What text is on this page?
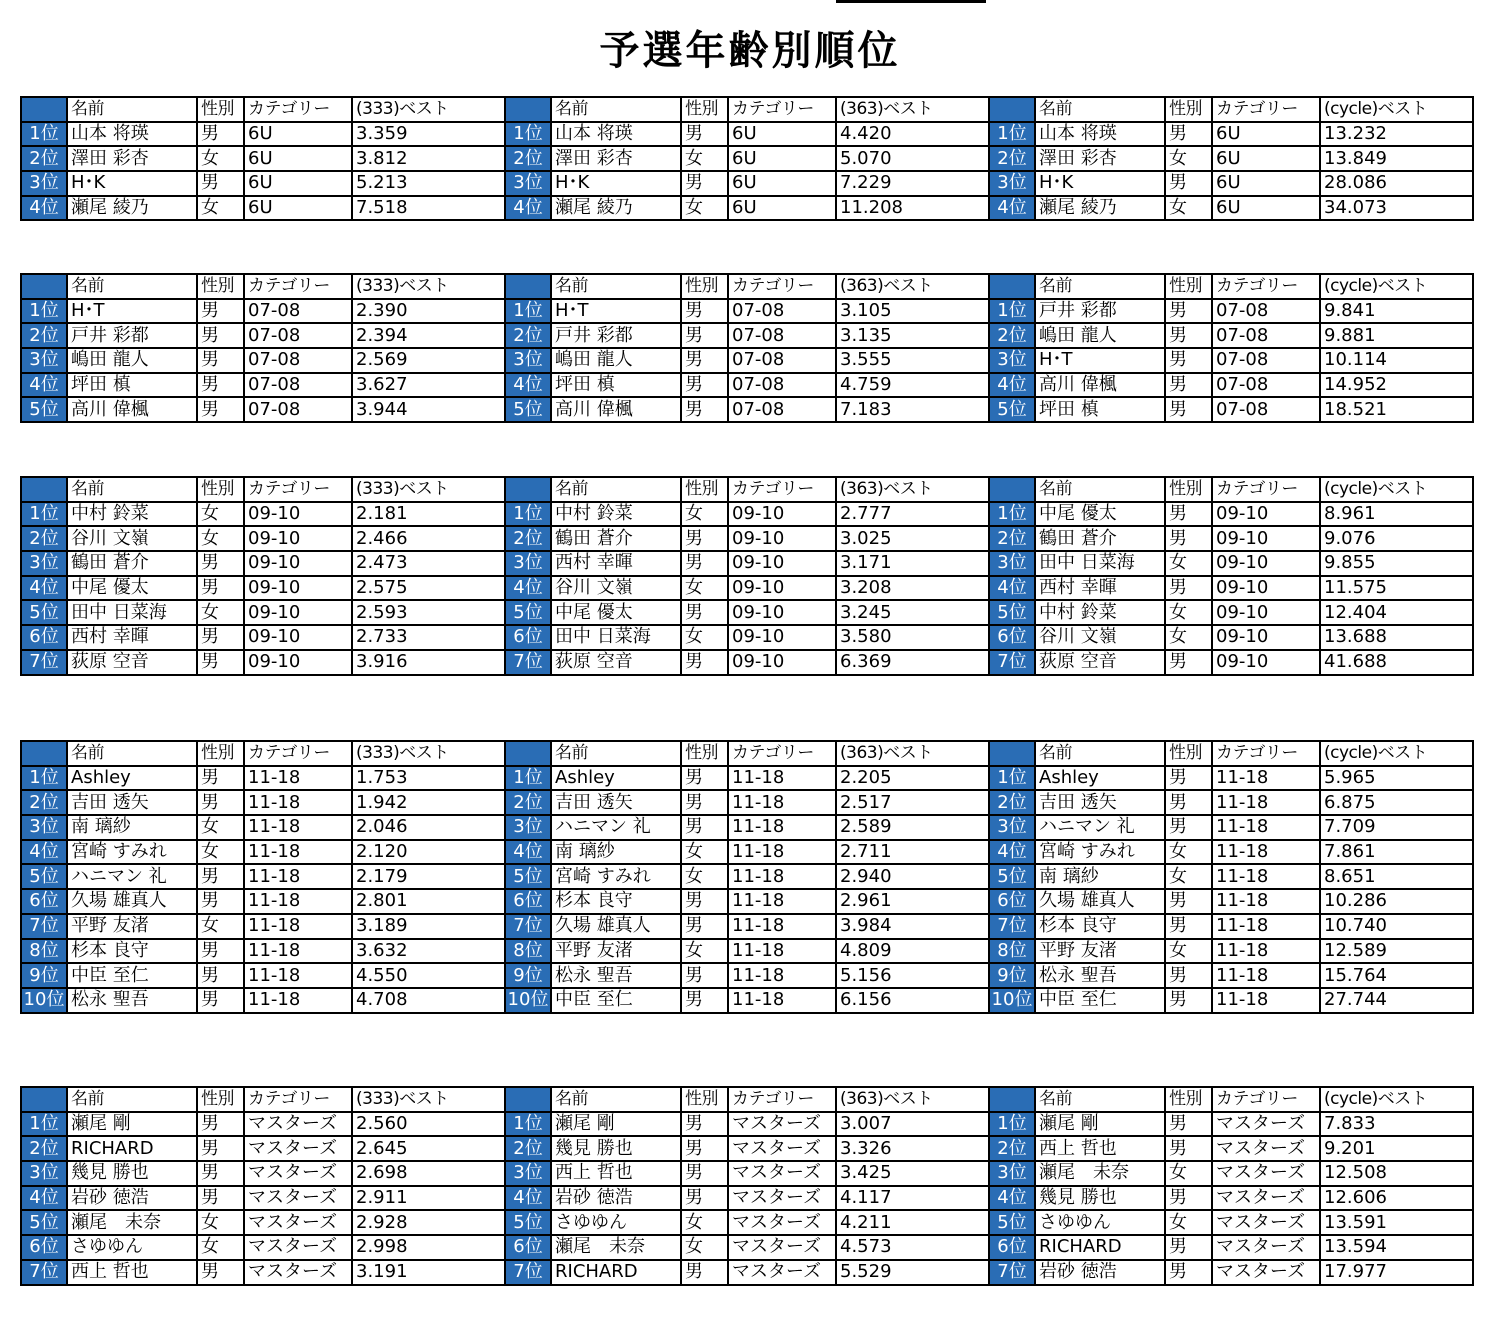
予選年齢別順位
	名前	性別	カテゴリー	(333)ベスト
1位	山本 将瑛	男	6U	3.359
2位	澤田 彩杏	女	6U	3.812
3位	H･K	男	6U	5.213
4位	瀬尾 綾乃	女	6U	7.518
	名前	性別	カテゴリー	(363)ベスト
1位	山本 将瑛	男	6U	4.420
2位	澤田 彩杏	女	6U	5.070
3位	H･K	男	6U	7.229
4位	瀬尾 綾乃	女	6U	11.208
	名前	性別	カテゴリー	(cycle)ベスト
1位	山本 将瑛	男	6U	13.232
2位	澤田 彩杏	女	6U	13.849
3位	H･K	男	6U	28.086
4位	瀬尾 綾乃	女	6U	34.073
	名前	性別	カテゴリー	(333)ベスト
1位	H･T	男	07-08	2.390
2位	戸井 彩都	男	07-08	2.394
3位	嶋田 龍人	男	07-08	2.569
4位	坪田 槙	男	07-08	3.627
5位	高川 偉楓	男	07-08	3.944
	名前	性別	カテゴリー	(363)ベスト
1位	H･T	男	07-08	3.105
2位	戸井 彩都	男	07-08	3.135
3位	嶋田 龍人	男	07-08	3.555
4位	坪田 槙	男	07-08	4.759
5位	高川 偉楓	男	07-08	7.183
	名前	性別	カテゴリー	(cycle)ベスト
1位	戸井 彩都	男	07-08	9.841
2位	嶋田 龍人	男	07-08	9.881
3位	H･T	男	07-08	10.114
4位	高川 偉楓	男	07-08	14.952
5位	坪田 槙	男	07-08	18.521
	名前	性別	カテゴリー	(333)ベスト
1位	中村 鈴菜	女	09-10	2.181
2位	谷川 文嶺	女	09-10	2.466
3位	鶴田 蒼介	男	09-10	2.473
4位	中尾 優太	男	09-10	2.575
5位	田中 日菜海	女	09-10	2.593
6位	西村 幸暉	男	09-10	2.733
7位	荻原 空音	男	09-10	3.916
	名前	性別	カテゴリー	(363)ベスト
1位	中村 鈴菜	女	09-10	2.777
2位	鶴田 蒼介	男	09-10	3.025
3位	西村 幸暉	男	09-10	3.171
4位	谷川 文嶺	女	09-10	3.208
5位	中尾 優太	男	09-10	3.245
6位	田中 日菜海	女	09-10	3.580
7位	荻原 空音	男	09-10	6.369
	名前	性別	カテゴリー	(cycle)ベスト
1位	中尾 優太	男	09-10	8.961
2位	鶴田 蒼介	男	09-10	9.076
3位	田中 日菜海	女	09-10	9.855
4位	西村 幸暉	男	09-10	11.575
5位	中村 鈴菜	女	09-10	12.404
6位	谷川 文嶺	女	09-10	13.688
7位	荻原 空音	男	09-10	41.688
	名前	性別	カテゴリー	(333)ベスト
1位	Ashley	男	11-18	1.753
2位	吉田 透矢	男	11-18	1.942
3位	南 璃紗	女	11-18	2.046
4位	宮崎 すみれ	女	11-18	2.120
5位	ハニマン 礼	男	11-18	2.179
6位	久場 雄真人	男	11-18	2.801
7位	平野 友渚	女	11-18	3.189
8位	杉本 良守	男	11-18	3.632
9位	中臣 至仁	男	11-18	4.550
10位	松永 聖吾	男	11-18	4.708
	名前	性別	カテゴリー	(363)ベスト
1位	Ashley	男	11-18	2.205
2位	吉田 透矢	男	11-18	2.517
3位	ハニマン 礼	男	11-18	2.589
4位	南 璃紗	女	11-18	2.711
5位	宮崎 すみれ	女	11-18	2.940
6位	杉本 良守	男	11-18	2.961
7位	久場 雄真人	男	11-18	3.984
8位	平野 友渚	女	11-18	4.809
9位	松永 聖吾	男	11-18	5.156
10位	中臣 至仁	男	11-18	6.156
	名前	性別	カテゴリー	(cycle)ベスト
1位	Ashley	男	11-18	5.965
2位	吉田 透矢	男	11-18	6.875
3位	ハニマン 礼	男	11-18	7.709
4位	宮崎 すみれ	女	11-18	7.861
5位	南 璃紗	女	11-18	8.651
6位	久場 雄真人	男	11-18	10.286
7位	杉本 良守	男	11-18	10.740
8位	平野 友渚	女	11-18	12.589
9位	松永 聖吾	男	11-18	15.764
10位	中臣 至仁	男	11-18	27.744
	名前	性別	カテゴリー	(333)ベスト
1位	瀬尾 剛	男	マスターズ	2.560
2位	RICHARD	男	マスターズ	2.645
3位	幾見 勝也	男	マスターズ	2.698
4位	岩砂 徳浩	男	マスターズ	2.911
5位	瀬尾　未奈	女	マスターズ	2.928
6位	さゆゆん	女	マスターズ	2.998
7位	西上 哲也	男	マスターズ	3.191
	名前	性別	カテゴリー	(363)ベスト
1位	瀬尾 剛	男	マスターズ	3.007
2位	幾見 勝也	男	マスターズ	3.326
3位	西上 哲也	男	マスターズ	3.425
4位	岩砂 徳浩	男	マスターズ	4.117
5位	さゆゆん	女	マスターズ	4.211
6位	瀬尾　未奈	女	マスターズ	4.573
7位	RICHARD	男	マスターズ	5.529
	名前	性別	カテゴリー	(cycle)ベスト
1位	瀬尾 剛	男	マスターズ	7.833
2位	西上 哲也	男	マスターズ	9.201
3位	瀬尾　未奈	女	マスターズ	12.508
4位	幾見 勝也	男	マスターズ	12.606
5位	さゆゆん	女	マスターズ	13.591
6位	RICHARD	男	マスターズ	13.594
7位	岩砂 徳浩	男	マスターズ	17.977
